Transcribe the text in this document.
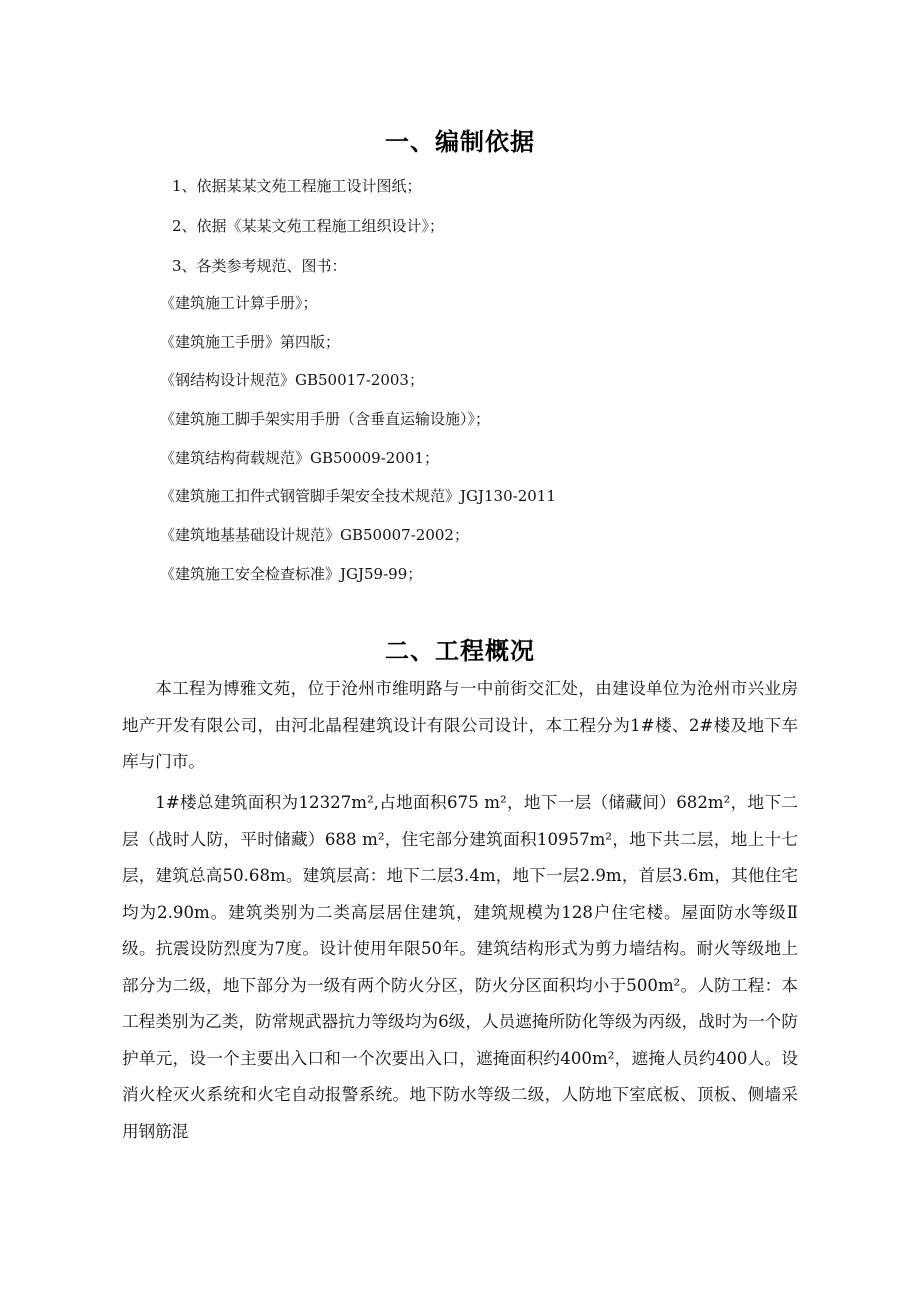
一、编制依据
1、依据某某文苑工程施工设计图纸；
2、依据《某某文苑工程施工组织设计》；
3、各类参考规范、图书：
《建筑施工计算手册》；
《建筑施工手册》第四版；
《钢结构设计规范》GB50017-2003；
《建筑施工脚手架实用手册（含垂直运输设施）》；
《建筑结构荷载规范》GB50009-2001；
《建筑施工扣件式钢管脚手架安全技术规范》JGJ130-2011
《建筑地基基础设计规范》GB50007-2002；
《建筑施工安全检查标准》JGJ59-99；
二、工程概况
本工程为博雅文苑，位于沧州市维明路与一中前街交汇处，由建设单位为沧州市兴业房地产开发有限公司，由河北晶程建筑设计有限公司设计，本工程分为1#楼、2#楼及地下车库与门市。
1#楼总建筑面积为12327m²,占地面积675 m²，地下一层（储藏间）682m²，地下二层（战时人防，平时储藏）688 m²，住宅部分建筑面积10957m²，地下共二层，地上十七层，建筑总高50.68m。建筑层高：地下二层3.4m，地下一层2.9m，首层3.6m，其他住宅均为2.90m。建筑类别为二类高层居住建筑，建筑规模为128户住宅楼。屋面防水等级Ⅱ级。抗震设防烈度为7度。设计使用年限50年。建筑结构形式为剪力墙结构。耐火等级地上部分为二级，地下部分为一级有两个防火分区，防火分区面积均小于500m²。人防工程：本工程类别为乙类，防常规武器抗力等级均为6级，人员遮掩所防化等级为丙级，战时为一个防护单元，设一个主要出入口和一个次要出入口，遮掩面积约400m²，遮掩人员约400人。设消火栓灭火系统和火宅自动报警系统。地下防水等级二级，人防地下室底板、顶板、侧墙采用钢筋混
